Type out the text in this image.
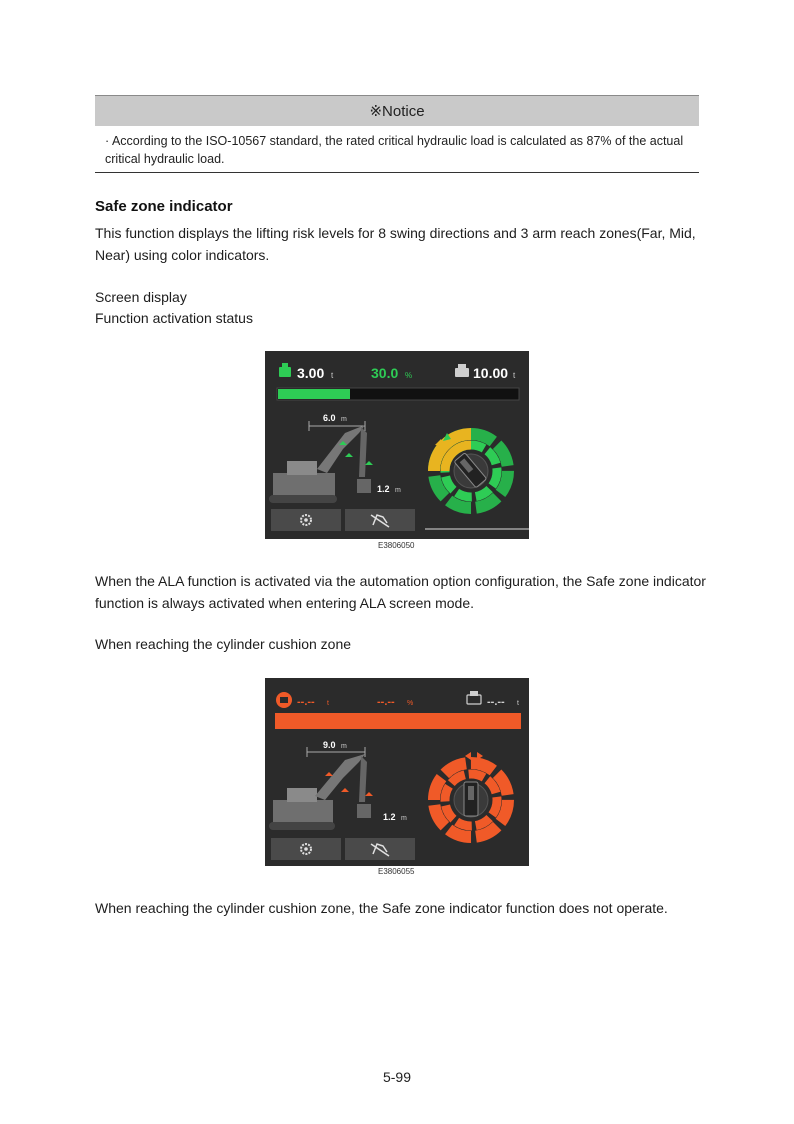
※Notice
· According to the ISO-10567 standard, the rated critical hydraulic load is calculated as 87% of the actual critical hydraulic load.
Safe zone indicator
This function displays the lifting risk levels for 8 swing directions and 3 arm reach zones(Far, Mid, Near) using color indicators.
Screen display
Function activation status
3.00 t	30.0 %	10.00 t
6.0 m
1.2 m
E3806050
When the ALA function is activated via the automation option configuration, the Safe zone indicator function is always activated when entering ALA screen mode.
When reaching the cylinder cushion zone
--.-- t	--.-- %	--.-- t
9.0 m
1.2 m
E3806055
When reaching the cylinder cushion zone, the Safe zone indicator function does not operate.
5-99
